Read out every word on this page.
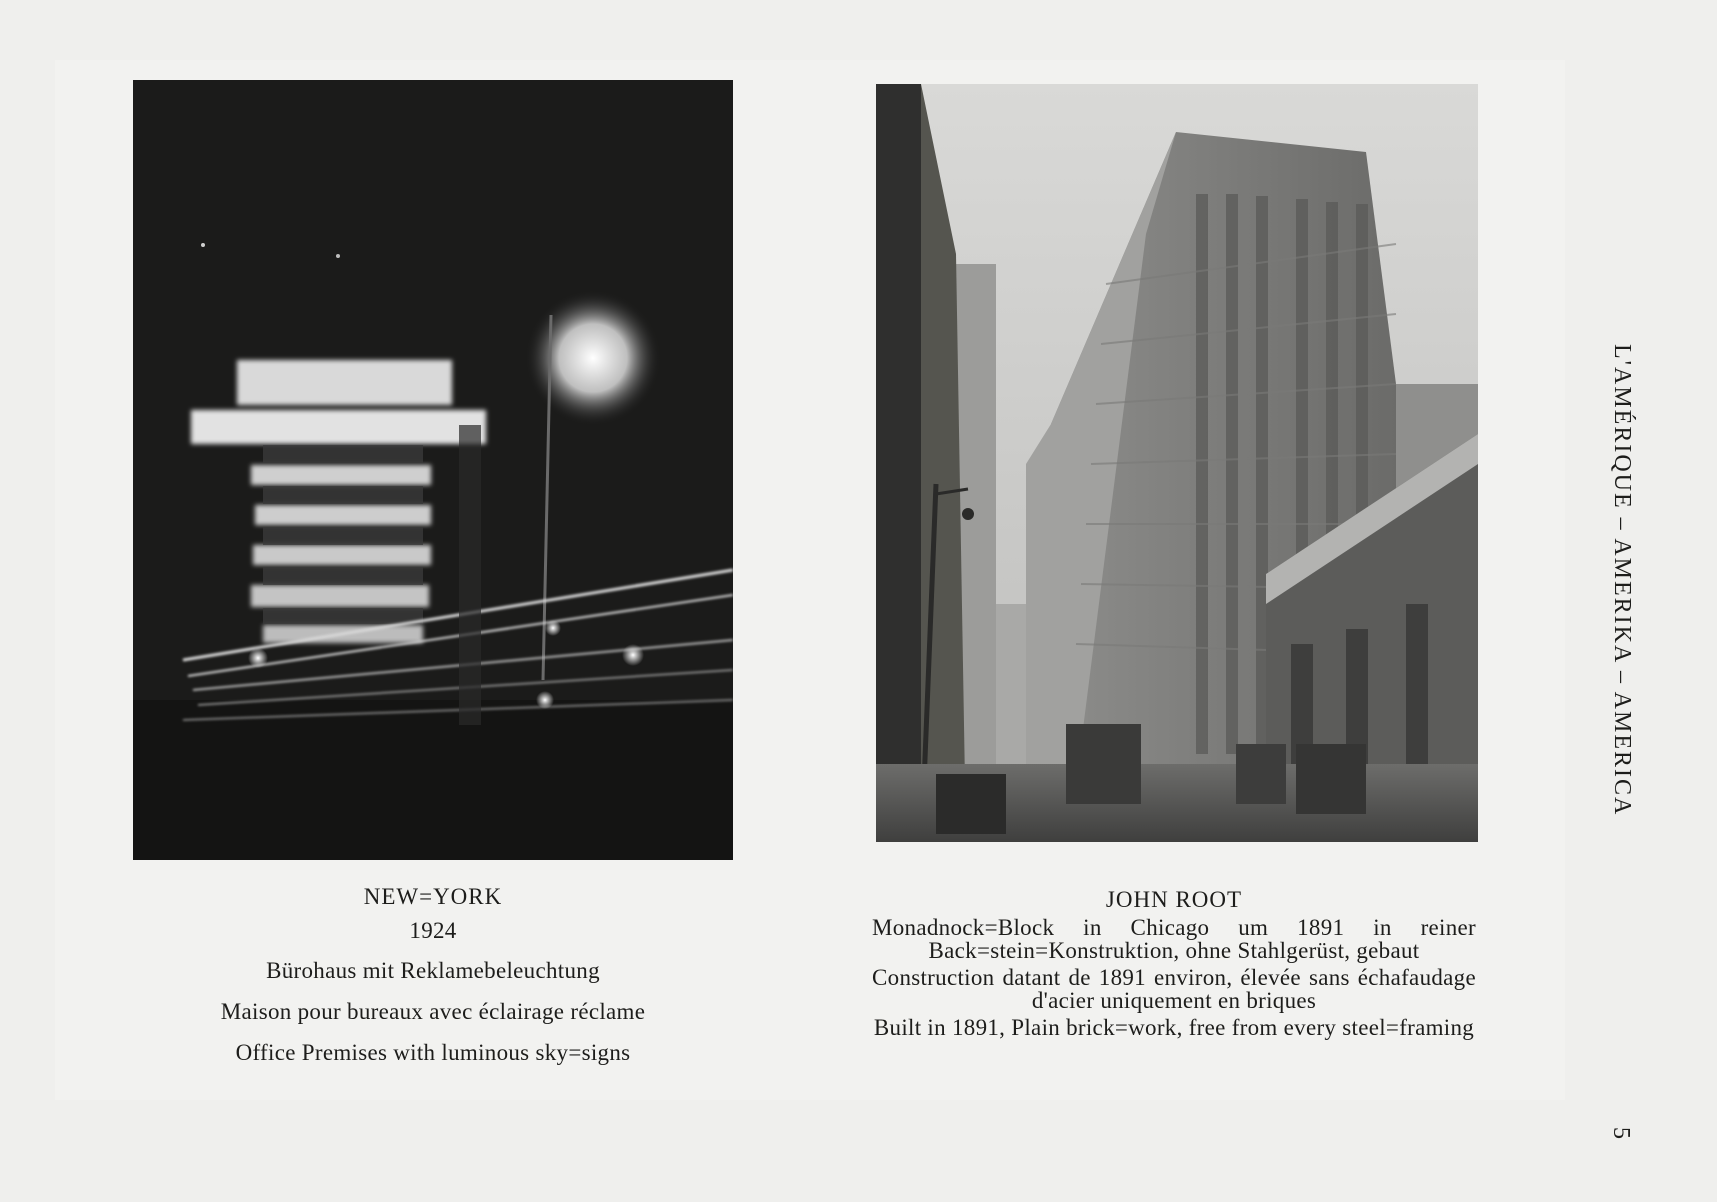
NEW=YORK

1924

Bürohaus mit Reklamebeleuchtung

Maison pour bureaux avec éclairage réclame

Office Premises with luminous sky=signs

JOHN ROOT

Monadnock=Block in Chicago um 1891 in reiner Back=stein=Konstruktion, ohne Stahlgerüst, gebaut

Construction datant de 1891 environ, élevée sans échafaudage d'acier uniquement en briques

Built in 1891, Plain brick=work, free from every steel=framing

L'AMÉRIQUE – AMERIKA – AMERICA
5
